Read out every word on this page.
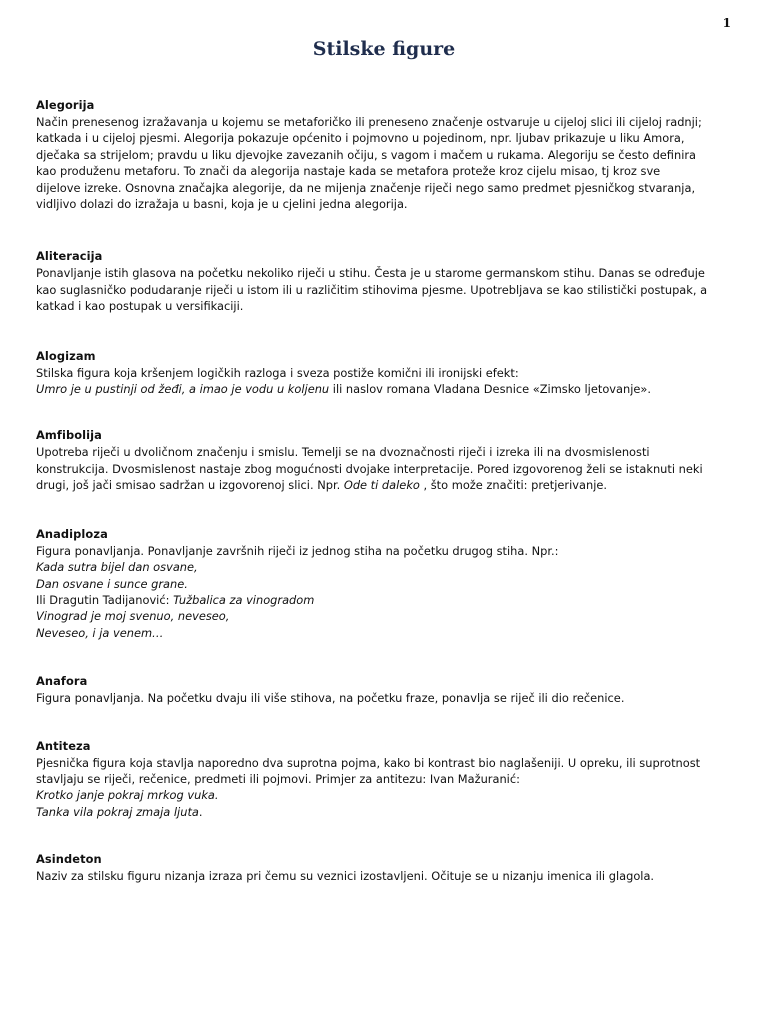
1
Stilske figure
Alegorija
Način prenesenog izražavanja u kojemu se metaforičko ili preneseno značenje ostvaruje u cijeloj slici ili cijeloj radnji;
katkada i u cijeloj pjesmi. Alegorija pokazuje općenito i pojmovno u pojedinom, npr. ljubav prikazuje u liku Amora,
dječaka sa strijelom; pravdu u liku djevojke zavezanih očiju, s vagom i mačem u rukama. Alegoriju se često definira
kao produženu metaforu. To znači da alegorija nastaje kada se metafora proteže kroz cijelu misao, tj kroz sve
dijelove izreke. Osnovna značajka alegorije, da ne mijenja značenje riječi nego samo predmet pjesničkog stvaranja,
vidljivo dolazi do izražaja u basni, koja je u cjelini jedna alegorija.
Aliteracija
Ponavljanje istih glasova na početku nekoliko riječi u stihu. Česta je u starome germanskom stihu. Danas se određuje
kao suglasničko podudaranje riječi u istom ili u različitim stihovima pjesme. Upotrebljava se kao stilistički postupak, a
katkad i kao postupak u versifikaciji.
Alogizam
Stilska figura koja kršenjem logičkih razloga i sveza postiže komični ili ironijski efekt:
Umro je u pustinji od žeđi, a imao je vodu u koljenu ili naslov romana Vladana Desnice «Zimsko ljetovanje».
Amfibolija
Upotreba riječi u dvoličnom značenju i smislu. Temelji se na dvoznačnosti riječi i izreka ili na dvosmislenosti
konstrukcija. Dvosmislenost nastaje zbog mogućnosti dvojake interpretacije. Pored izgovorenog želi se istaknuti neki
drugi, još jači smisao sadržan u izgovorenoj slici. Npr. Ode ti daleko , što može značiti: pretjerivanje.
Anadiploza
Figura ponavljanja. Ponavljanje završnih riječi iz jednog stiha na početku drugog stiha. Npr.:
Kada sutra bijel dan osvane,
Dan osvane i sunce grane.
Ili Dragutin Tadijanović: Tužbalica za vinogradom
Vinograd je moj svenuo, neveseo,
Neveseo, i ja venem…
Anafora
Figura ponavljanja. Na početku dvaju ili više stihova, na početku fraze, ponavlja se riječ ili dio rečenice.
Antiteza
Pjesnička figura koja stavlja naporedno dva suprotna pojma, kako bi kontrast bio naglašeniji. U opreku, ili suprotnost
stavljaju se riječi, rečenice, predmeti ili pojmovi. Primjer za antitezu: Ivan Mažuranić:
Krotko janje pokraj mrkog vuka.
Tanka vila pokraj zmaja ljuta.
Asindeton
Naziv za stilsku figuru nizanja izraza pri čemu su veznici izostavljeni. Očituje se u nizanju imenica ili glagola.
